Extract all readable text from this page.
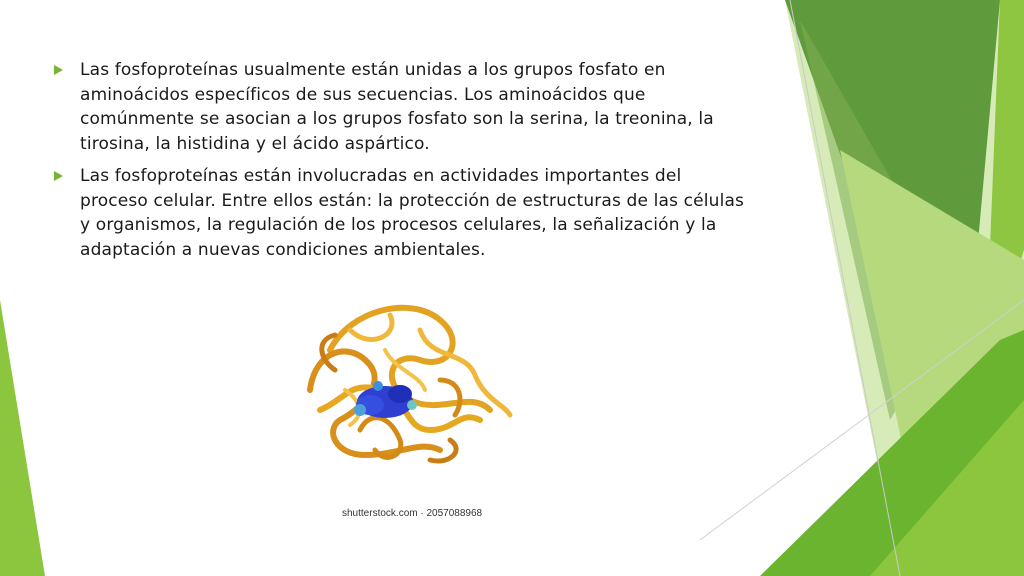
Las fosfoproteínas usualmente están unidas a los grupos fosfato en aminoácidos específicos de sus secuencias. Los aminoácidos que comúnmente se asocian a los grupos fosfato son la serina, la treonina, la tirosina, la histidina y el ácido aspártico.
Las fosfoproteínas están involucradas en actividades importantes del proceso celular. Entre ellos están: la protección de estructuras de las células y organismos, la regulación de los procesos celulares, la señalización y la adaptación a nuevas condiciones ambientales.
shutterstock.com · 2057088968
